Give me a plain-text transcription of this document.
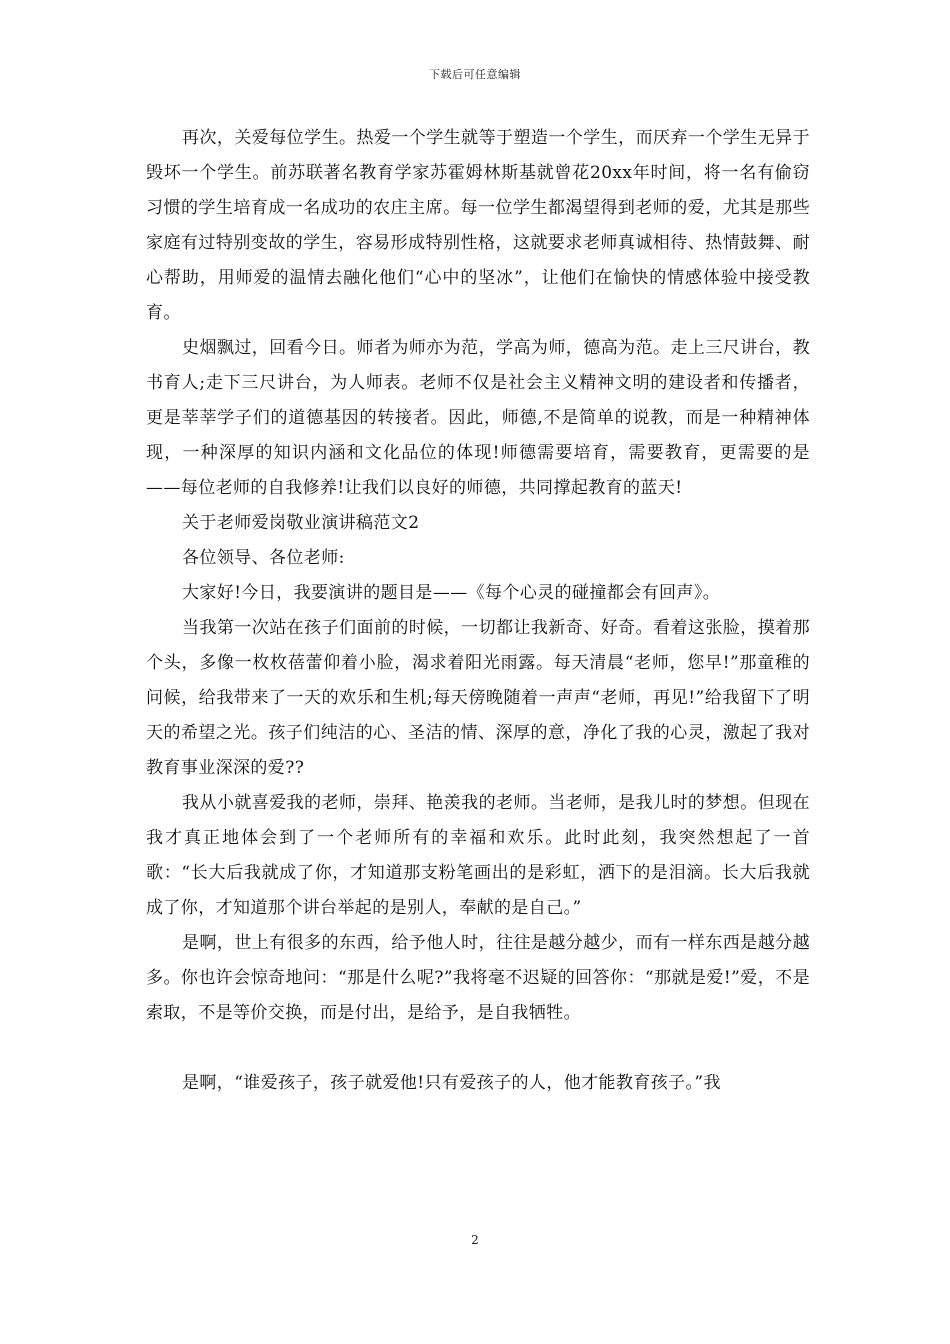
下载后可任意编辑

再次，关爱每位学生。热爱一个学生就等于塑造一个学生，而厌弃一个学生无异于毁坏一个学生。前苏联著名教育学家苏霍姆林斯基就曾花20xx年时间，将一名有偷窃习惯的学生培育成一名成功的农庄主席。每一位学生都渴望得到老师的爱，尤其是那些家庭有过特别变故的学生，容易形成特别性格，这就要求老师真诚相待、热情鼓舞、耐心帮助，用师爱的温情去融化他们“心中的坚冰”，让他们在愉快的情感体验中接受教育。

史烟飘过，回看今日。师者为师亦为范，学高为师，德高为范。走上三尺讲台，教书育人;走下三尺讲台，为人师表。老师不仅是社会主义精神文明的建设者和传播者，更是莘莘学子们的道德基因的转接者。因此，师德,不是简单的说教，而是一种精神体现，一种深厚的知识内涵和文化品位的体现!师德需要培育，需要教育，更需要的是——每位老师的自我修养!让我们以良好的师德，共同撑起教育的蓝天!

关于老师爱岗敬业演讲稿范文2

各位领导、各位老师:

大家好!今日，我要演讲的题目是——《每个心灵的碰撞都会有回声》。

当我第一次站在孩子们面前的时候，一切都让我新奇、好奇。看着这张脸，摸着那个头，多像一枚枚蓓蕾仰着小脸，渴求着阳光雨露。每天清晨“老师，您早!”那童稚的问候，给我带来了一天的欢乐和生机;每天傍晚随着一声声“老师，再见!”给我留下了明天的希望之光。孩子们纯洁的心、圣洁的情、深厚的意，净化了我的心灵，激起了我对教育事业深深的爱??

我从小就喜爱我的老师，崇拜、艳羡我的老师。当老师，是我儿时的梦想。但现在我才真正地体会到了一个老师所有的幸福和欢乐。此时此刻，我突然想起了一首歌：“长大后我就成了你，才知道那支粉笔画出的是彩虹，洒下的是泪滴。长大后我就成了你，才知道那个讲台举起的是别人，奉献的是自己。”

是啊，世上有很多的东西，给予他人时，往往是越分越少，而有一样东西是越分越多。你也许会惊奇地问：“那是什么呢?”我将毫不迟疑的回答你：“那就是爱!”爱，不是索取，不是等价交换，而是付出，是给予，是自我牺牲。

是啊，“谁爱孩子，孩子就爱他!只有爱孩子的人，他才能教育孩子。”我

2
